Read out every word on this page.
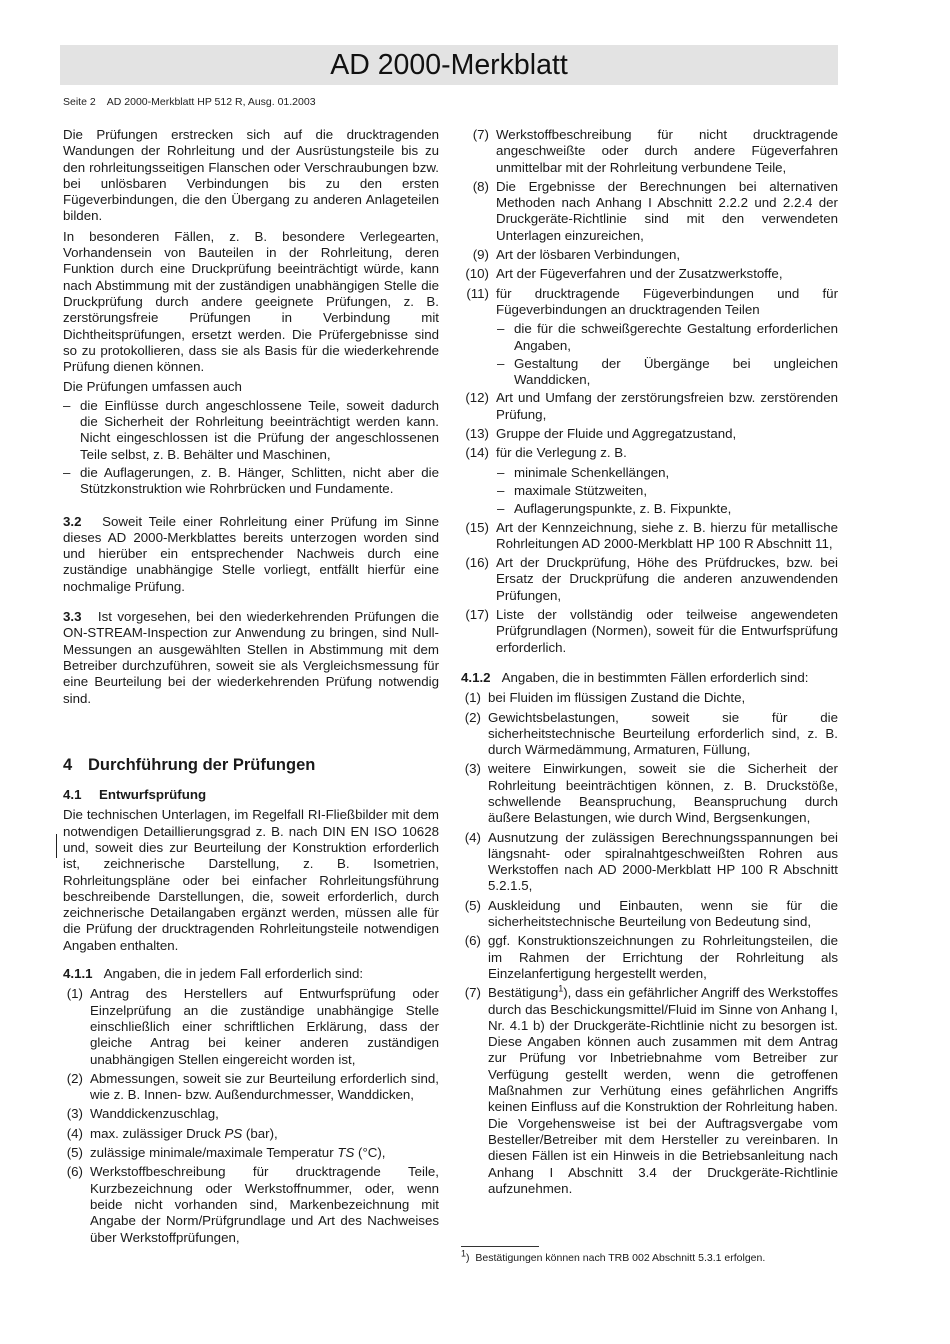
AD 2000-Merkblatt
Seite 2    AD 2000-Merkblatt HP 512 R, Ausg. 01.2003

Die Prüfungen erstrecken sich auf die drucktragenden Wandungen der Rohrleitung und der Ausrüstungsteile bis zu den rohrleitungsseitigen Flanschen oder Verschraubungen bzw. bei unlösbaren Verbindungen bis zu den ersten Fügeverbindungen, die den Übergang zu anderen Anlageteilen bilden.

In besonderen Fällen, z. B. besondere Verlegearten, Vorhandensein von Bauteilen in der Rohrleitung, deren Funktion durch eine Druckprüfung beeinträchtigt würde, kann nach Abstimmung mit der zuständigen unabhängigen Stelle die Druckprüfung durch andere geeignete Prüfungen, z. B. zerstörungsfreie Prüfungen in Verbindung mit Dichtheitsprüfungen, ersetzt werden. Die Prüfergebnisse sind so zu protokollieren, dass sie als Basis für die wiederkehrende Prüfung dienen können.

Die Prüfungen umfassen auch

– die Einflüsse durch angeschlossene Teile, soweit dadurch die Sicherheit der Rohrleitung beeinträchtigt werden kann. Nicht eingeschlossen ist die Prüfung der angeschlossenen Teile selbst, z. B. Behälter und Maschinen,
– die Auflagerungen, z. B. Hänger, Schlitten, nicht aber die Stützkonstruktion wie Rohrbrücken und Fundamente.

3.2 Soweit Teile einer Rohrleitung einer Prüfung im Sinne dieses AD 2000-Merkblattes bereits unterzogen worden sind und hierüber ein entsprechender Nachweis durch eine zuständige unabhängige Stelle vorliegt, entfällt hierfür eine nochmalige Prüfung.

3.3 Ist vorgesehen, bei den wiederkehrenden Prüfungen die ON-STREAM-Inspection zur Anwendung zu bringen, sind Null-Messungen an ausgewählten Stellen in Abstimmung mit dem Betreiber durchzuführen, soweit sie als Vergleichsmessung für eine Beurteilung bei der wiederkehrenden Prüfung notwendig sind.

4 Durchführung der Prüfungen
4.1 Entwurfsprüfung

Die technischen Unterlagen, im Regelfall RI-Fließbilder mit dem notwendigen Detaillierungsgrad z. B. nach DIN EN ISO 10628 und, soweit dies zur Beurteilung der Konstruktion erforderlich ist, zeichnerische Darstellung, z. B. Isometrien, Rohrleitungspläne oder bei einfacher Rohrleitungsführung beschreibende Darstellungen, die, soweit erforderlich, durch zeichnerische Detailangaben ergänzt werden, müssen alle für die Prüfung der drucktragenden Rohrleitungsteile notwendigen Angaben enthalten.

4.1.1 Angaben, die in jedem Fall erforderlich sind:

(1) Antrag des Herstellers auf Entwurfsprüfung oder Einzelprüfung an die zuständige unabhängige Stelle einschließlich einer schriftlichen Erklärung, dass der gleiche Antrag bei keiner anderen zuständigen unabhängigen Stellen eingereicht worden ist,
(2) Abmessungen, soweit sie zur Beurteilung erforderlich sind, wie z. B. Innen- bzw. Außendurchmesser, Wanddicken,
(3) Wanddickenzuschlag,
(4) max. zulässiger Druck PS (bar),
(5) zulässige minimale/maximale Temperatur TS (°C),
(6) Werkstoffbeschreibung für drucktragende Teile, Kurzbezeichnung oder Werkstoffnummer, oder, wenn beide nicht vorhanden sind, Markenbezeichnung mit Angabe der Norm/Prüfgrundlage und Art des Nachweises über Werkstoffprüfungen,
(7) Werkstoffbeschreibung für nicht drucktragende angeschweißte oder durch andere Fügeverfahren unmittelbar mit der Rohrleitung verbundene Teile,
(8) Die Ergebnisse der Berechnungen bei alternativen Methoden nach Anhang I Abschnitt 2.2.2 und 2.2.4 der Druckgeräte-Richtlinie sind mit den verwendeten Unterlagen einzureichen,
(9) Art der lösbaren Verbindungen,
(10) Art der Fügeverfahren und der Zusatzwerkstoffe,
(11) für drucktragende Fügeverbindungen und für Fügeverbindungen an drucktragenden Teilen
– die für die schweißgerechte Gestaltung erforderlichen Angaben,
– Gestaltung der Übergänge bei ungleichen Wanddicken,
(12) Art und Umfang der zerstörungsfreien bzw. zerstörenden Prüfung,
(13) Gruppe der Fluide und Aggregatzustand,
(14) für die Verlegung z. B.
– minimale Schenkellängen,
– maximale Stützweiten,
– Auflagerungspunkte, z. B. Fixpunkte,
(15) Art der Kennzeichnung, siehe z. B. hierzu für metallische Rohrleitungen AD 2000-Merkblatt HP 100 R Abschnitt 11,
(16) Art der Druckprüfung, Höhe des Prüfdruckes, bzw. bei Ersatz der Druckprüfung die anderen anzuwendenden Prüfungen,
(17) Liste der vollständig oder teilweise angewendeten Prüfgrundlagen (Normen), soweit für die Entwurfsprüfung erforderlich.

4.1.2 Angaben, die in bestimmten Fällen erforderlich sind:

(1) bei Fluiden im flüssigen Zustand die Dichte,
(2) Gewichtsbelastungen, soweit sie für die sicherheitstechnische Beurteilung erforderlich sind, z. B. durch Wärmedämmung, Armaturen, Füllung,
(3) weitere Einwirkungen, soweit sie die Sicherheit der Rohrleitung beeinträchtigen können, z. B. Druckstöße, schwellende Beanspruchung, Beanspruchung durch äußere Belastungen, wie durch Wind, Bergsenkungen,
(4) Ausnutzung der zulässigen Berechnungsspannungen bei längsnaht- oder spiralnahtgeschweißten Rohren aus Werkstoffen nach AD 2000-Merkblatt HP 100 R Abschnitt 5.2.1.5,
(5) Auskleidung und Einbauten, wenn sie für die sicherheitstechnische Beurteilung von Bedeutung sind,
(6) ggf. Konstruktionszeichnungen zu Rohrleitungsteilen, die im Rahmen der Errichtung der Rohrleitung als Einzelanfertigung hergestellt werden,
(7) Bestätigung$^1$), dass ein gefährlicher Angriff des Werkstoffes durch das Beschickungsmittel/Fluid im Sinne von Anhang I, Nr. 4.1 b) der Druckgeräte-Richtlinie nicht zu besorgen ist. Diese Angaben können auch zusammen mit dem Antrag zur Prüfung vor Inbetriebnahme vom Betreiber zur Verfügung gestellt werden, wenn die getroffenen Maßnahmen zur Verhütung eines gefährlichen Angriffs keinen Einfluss auf die Konstruktion der Rohrleitung haben. Die Vorgehensweise ist bei der Auftragsvergabe vom Besteller/Betreiber mit dem Hersteller zu vereinbaren. In diesen Fällen ist ein Hinweis in die Betriebsanleitung nach Anhang I Abschnitt 3.4 der Druckgeräte-Richtlinie aufzunehmen.
$^1$)  Bestätigungen können nach TRB 002 Abschnitt 5.3.1 erfolgen.
